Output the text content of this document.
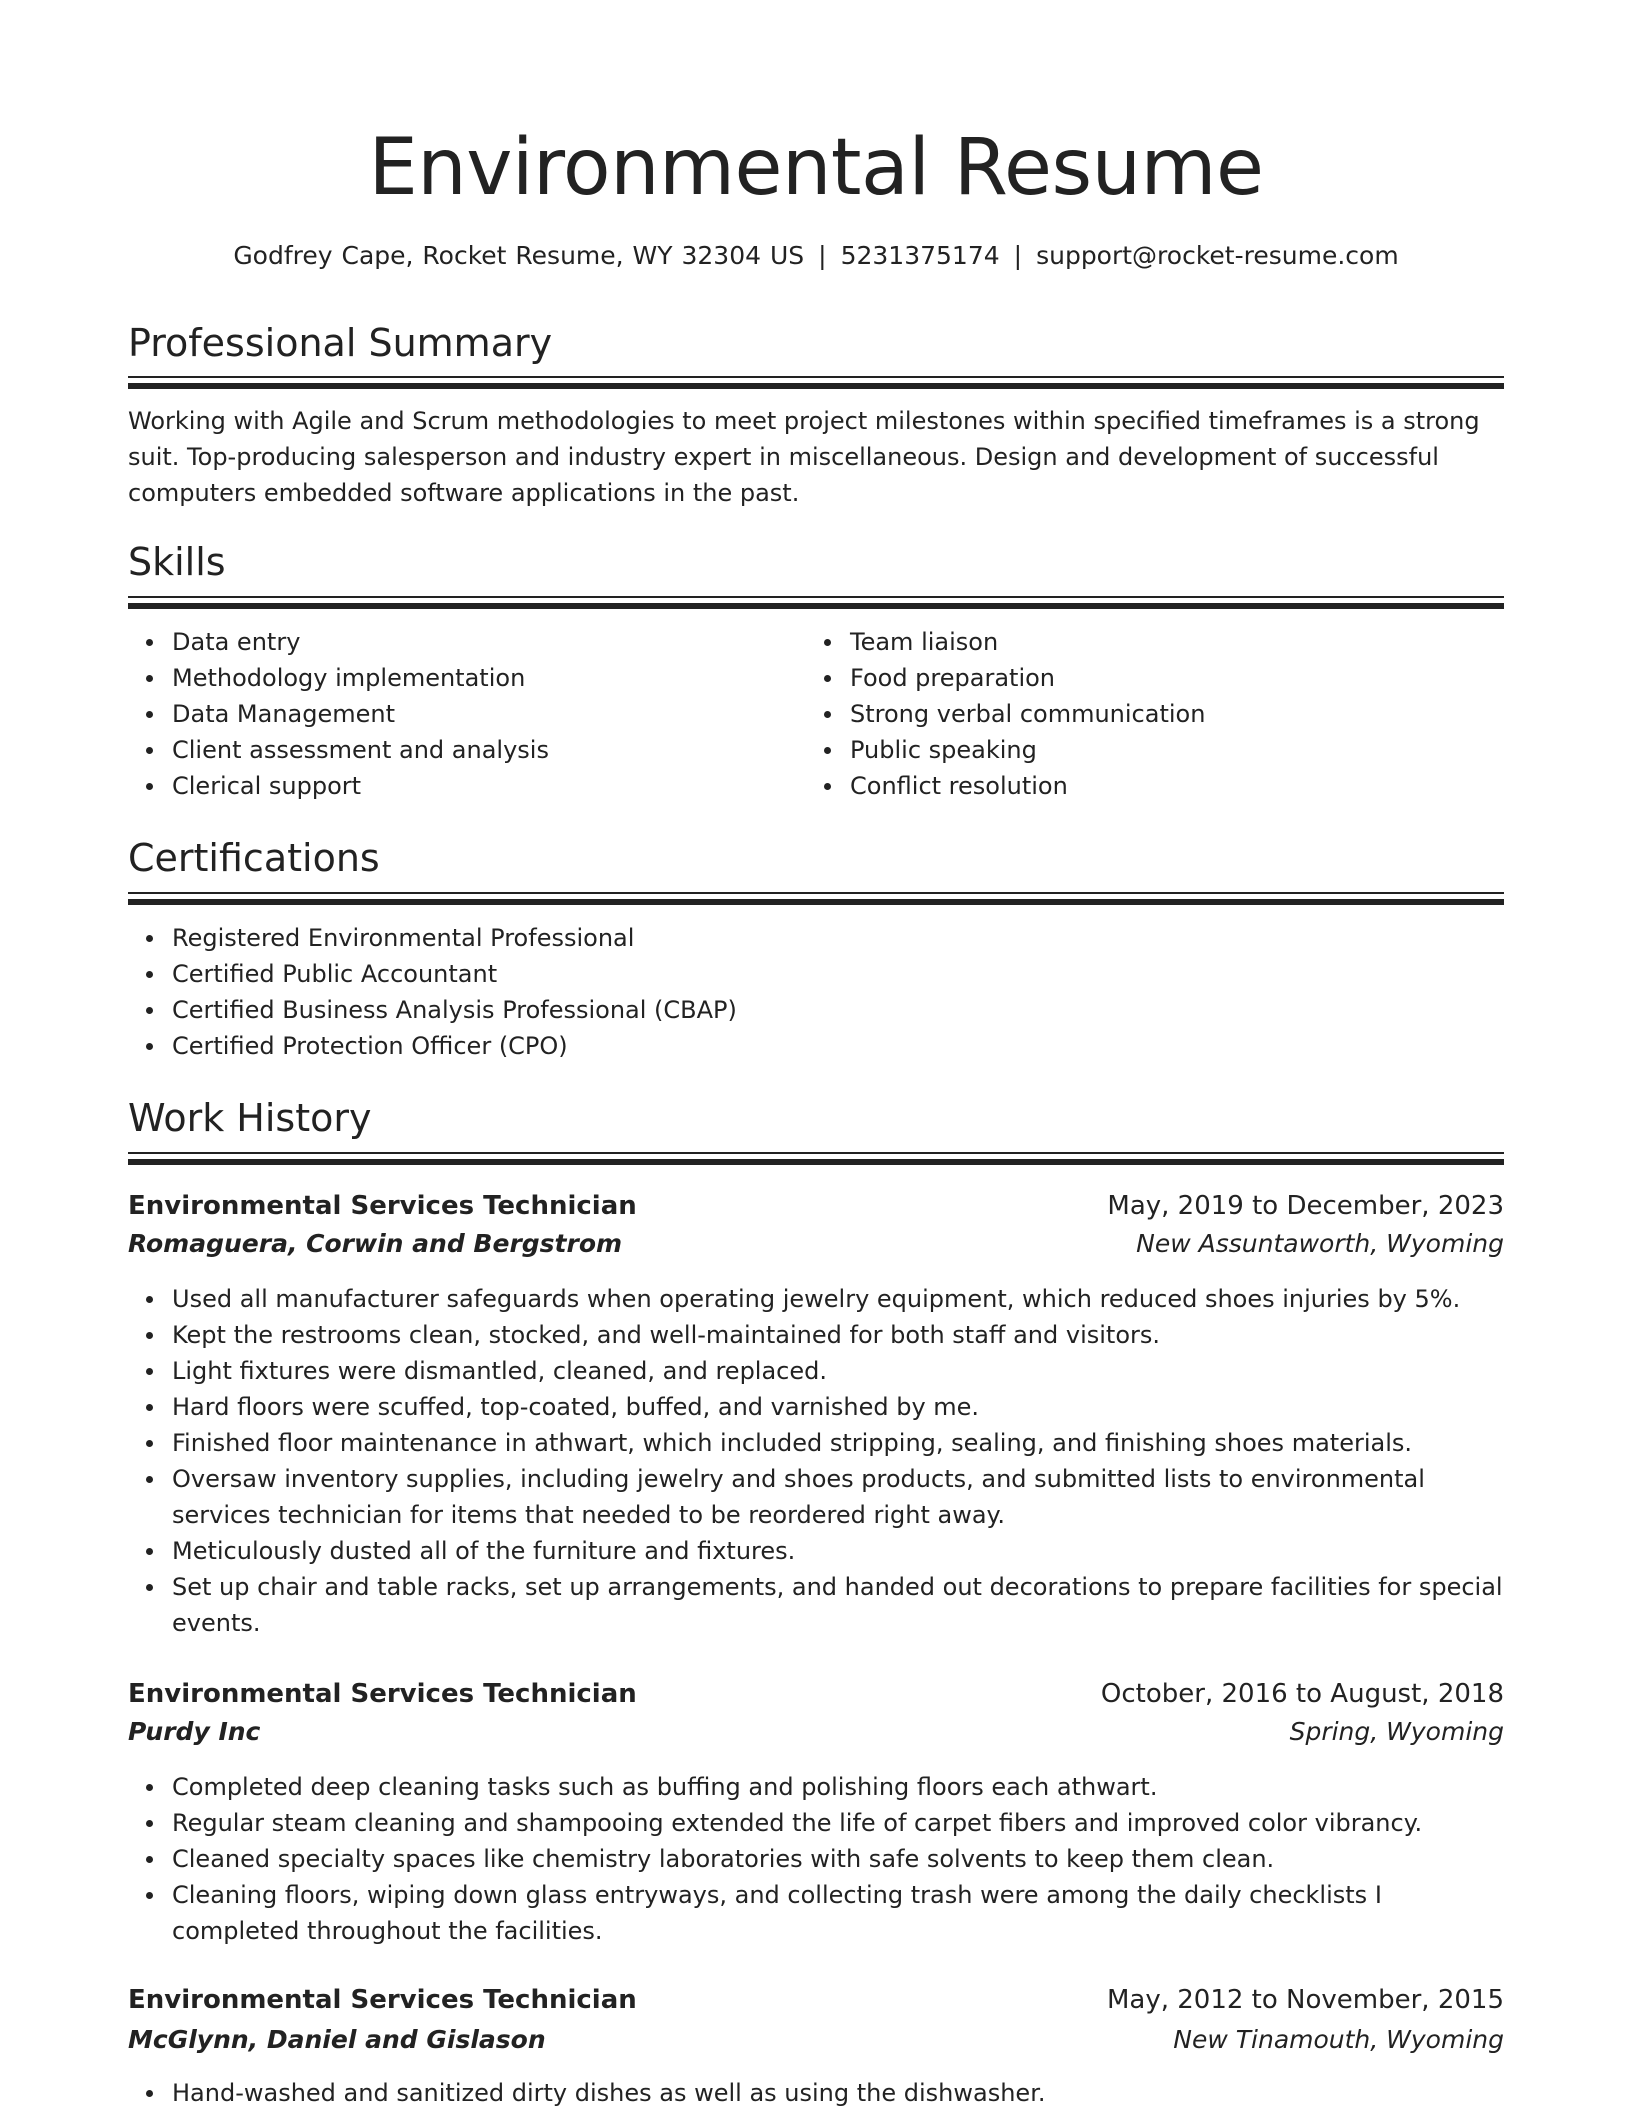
Environmental Resume
Godfrey Cape, Rocket Resume, WY 32304 US | 5231375174 | support@rocket-resume.com
Professional Summary

Working with Agile and Scrum methodologies to meet project milestones within specified timeframes is a strong suit. Top-producing salesperson and industry expert in miscellaneous. Design and development of successful computers embedded software applications in the past.

Skills
Data entry
Methodology implementation
Data Management
Client assessment and analysis
Clerical support
Team liaison
Food preparation
Strong verbal communication
Public speaking
Conflict resolution
Certifications
Registered Environmental Professional
Certified Public Accountant
Certified Business Analysis Professional (CBAP)
Certified Protection Officer (CPO)
Work History
Environmental Services Technician	May, 2019 to December, 2023
Romaguera, Corwin and Bergstrom	New Assuntaworth, Wyoming
Used all manufacturer safeguards when operating jewelry equipment, which reduced shoes injuries by 5%.
Kept the restrooms clean, stocked, and well-maintained for both staff and visitors.
Light fixtures were dismantled, cleaned, and replaced.
Hard floors were scuffed, top-coated, buffed, and varnished by me.
Finished floor maintenance in athwart, which included stripping, sealing, and finishing shoes materials.
Oversaw inventory supplies, including jewelry and shoes products, and submitted lists to environmental services technician for items that needed to be reordered right away.
Meticulously dusted all of the furniture and fixtures.
Set up chair and table racks, set up arrangements, and handed out decorations to prepare facilities for special events.
Environmental Services Technician	October, 2016 to August, 2018
Purdy Inc	Spring, Wyoming
Completed deep cleaning tasks such as buffing and polishing floors each athwart.
Regular steam cleaning and shampooing extended the life of carpet fibers and improved color vibrancy.
Cleaned specialty spaces like chemistry laboratories with safe solvents to keep them clean.
Cleaning floors, wiping down glass entryways, and collecting trash were among the daily checklists I completed throughout the facilities.
Environmental Services Technician	May, 2012 to November, 2015
McGlynn, Daniel and Gislason	New Tinamouth, Wyoming
Hand-washed and sanitized dirty dishes as well as using the dishwasher.
